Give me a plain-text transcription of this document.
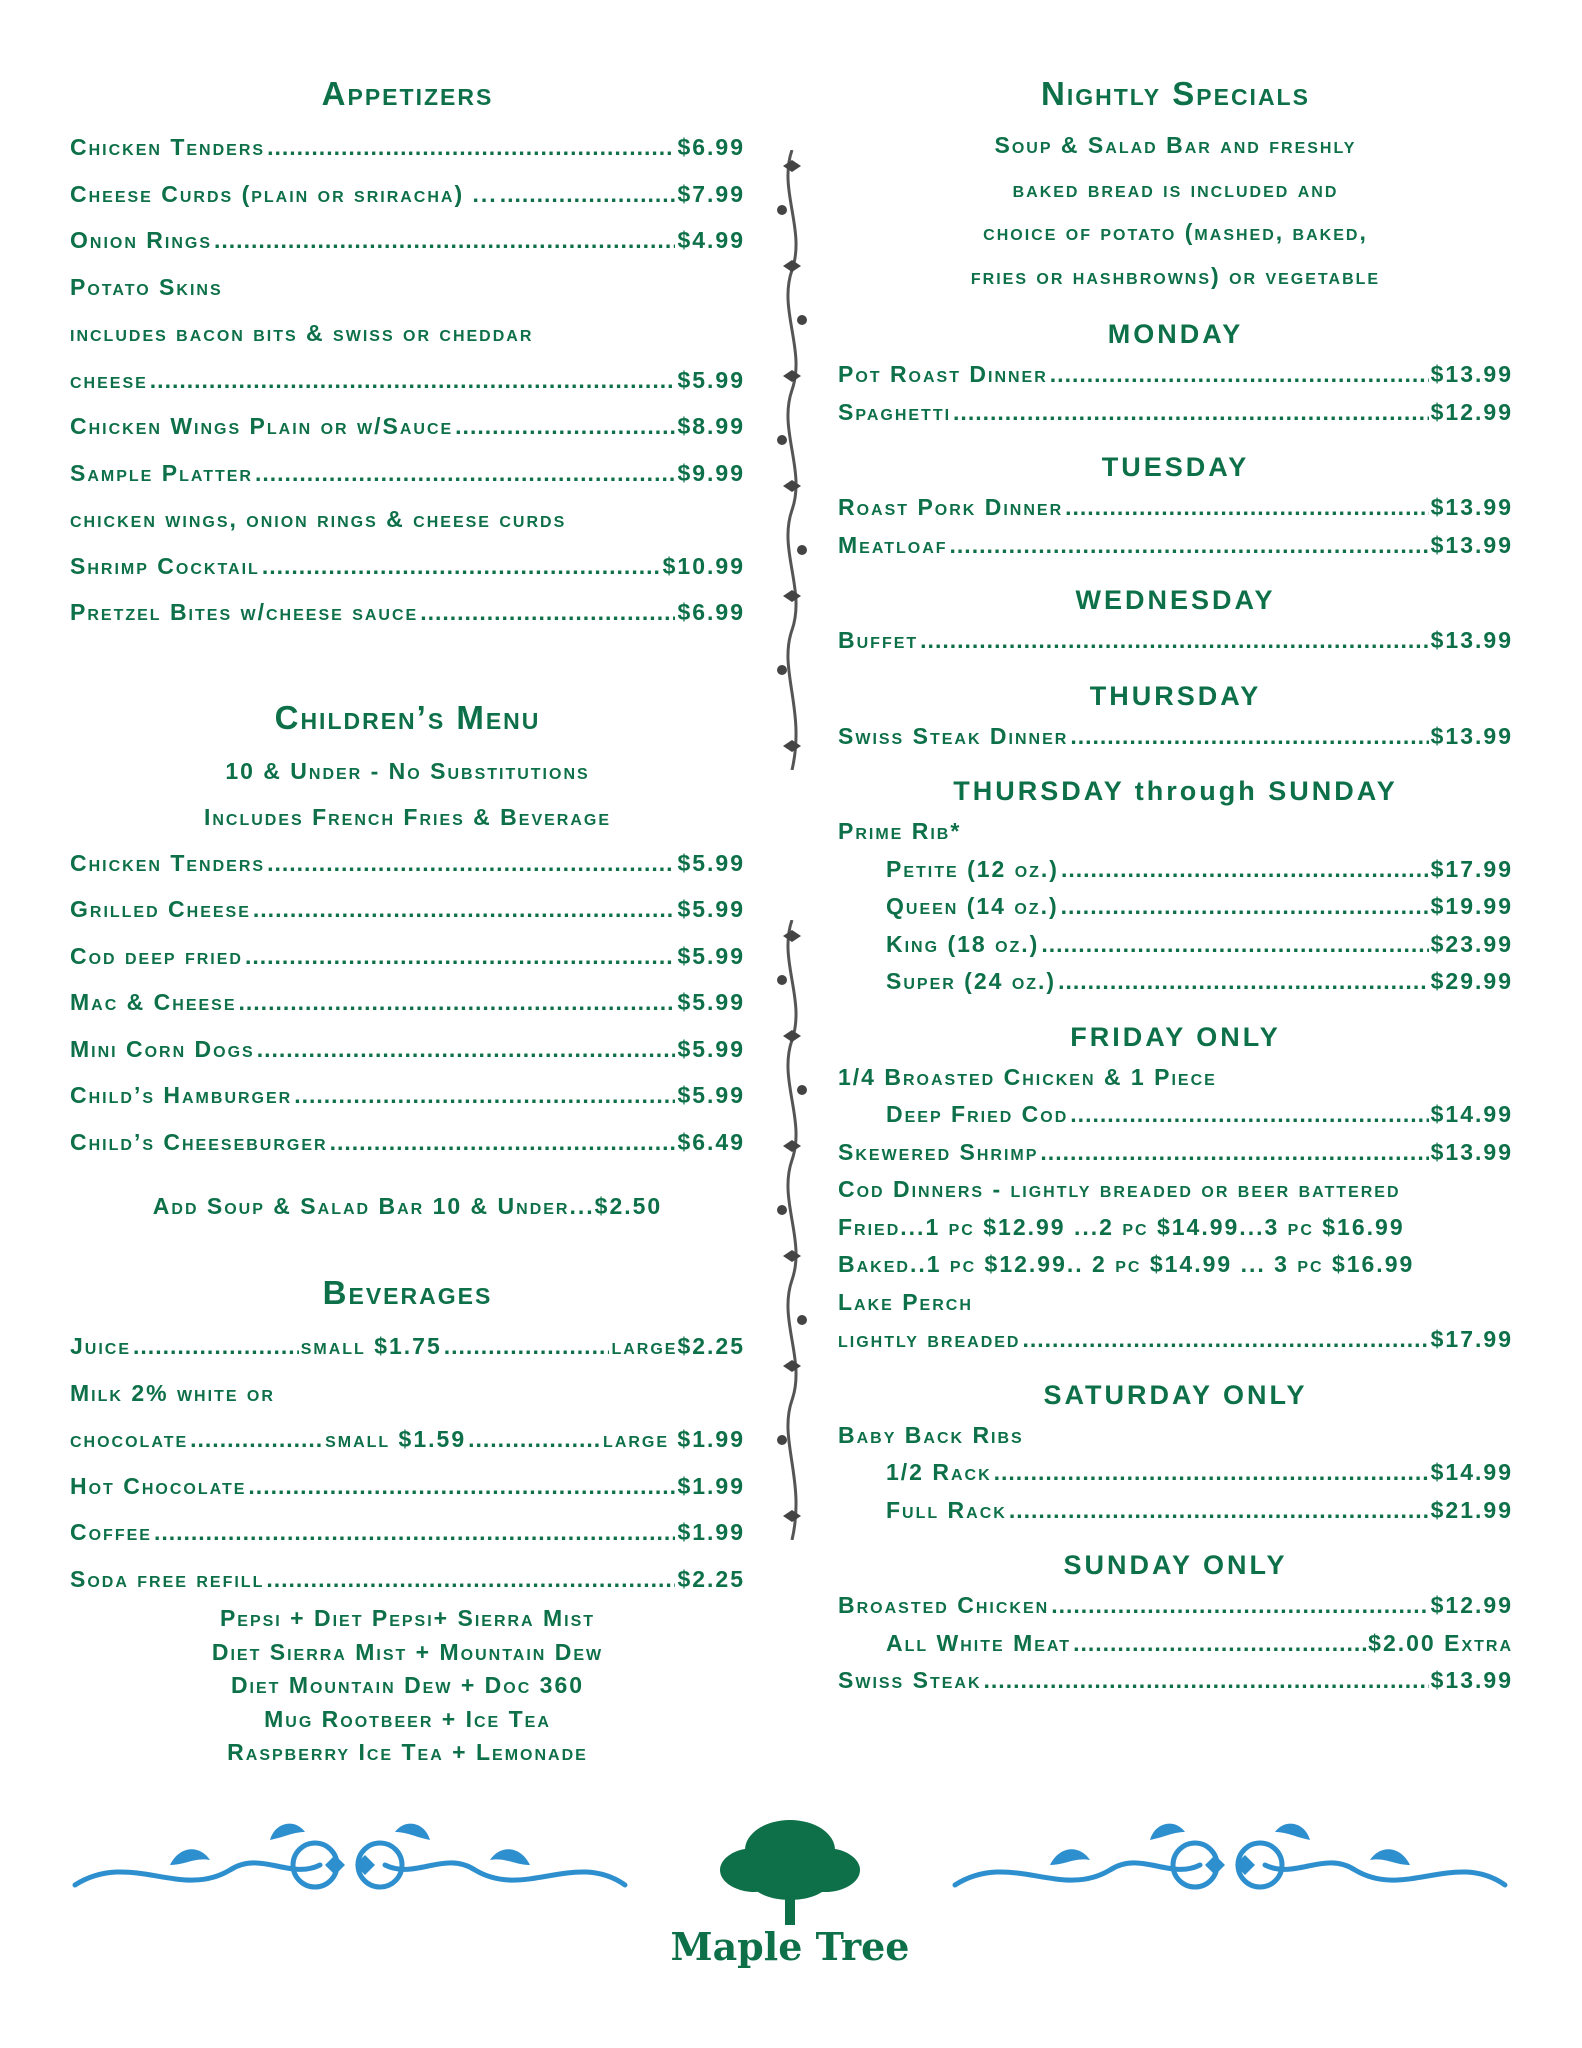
Appetizers
Chicken Tenders .....	$6.99
Cheese Curds (plain or sriracha) ... .....	$7.99
Onion Rings .....	$4.99
Potato Skins
includes bacon bits & swiss or cheddar
cheese .....	$5.99
Chicken Wings Plain or w/Sauce .....	$8.99
Sample Platter .....	$9.99
chicken wings, onion rings & cheese curds
Shrimp Cocktail .....	$10.99
Pretzel Bites w/cheese sauce .....	$6.99
Children’s Menu
10 & Under - No Substitutions
Includes French Fries & Beverage
Chicken Tenders .....	$5.99
Grilled Cheese .....	$5.99
Cod deep fried .....	$5.99
Mac & Cheese .....	$5.99
Mini Corn Dogs .....	$5.99
Child’s Hamburger .....	$5.99
Child’s Cheeseburger .....	$6.49
Add Soup & Salad Bar 10 & Under...$2.50
Beverages
Juice .....	small $1.75 .....	large$2.25
Milk 2% white or
chocolate .....	small $1.59 .....	large $1.99
Hot Chocolate .....	$1.99
Coffee .....	$1.99
Soda free refill .....	$2.25
Pepsi + Diet Pepsi+ Sierra Mist
Diet Sierra Mist + Mountain Dew
Diet Mountain Dew + Doc 360
Mug Rootbeer + Ice Tea
Raspberry Ice Tea + Lemonade
Nightly Specials
Soup & Salad Bar and freshly
baked bread is included and
choice of potato (mashed, baked,
fries or hashbrowns) or vegetable
MONDAY
Pot Roast Dinner .....	$13.99
Spaghetti .....	$12.99
TUESDAY
Roast Pork Dinner .....	$13.99
Meatloaf .....	$13.99
WEDNESDAY
Buffet .....	$13.99
THURSDAY
Swiss Steak Dinner .....	$13.99
THURSDAY through SUNDAY
Prime Rib*
Petite (12 oz.) .....	$17.99
Queen (14 oz.) .....	$19.99
King (18 oz.) .....	$23.99
Super (24 oz.) .....	$29.99
FRIDAY ONLY
1/4 Broasted Chicken & 1 Piece
Deep Fried Cod .....	$14.99
Skewered Shrimp .....	$13.99
Cod Dinners - lightly breaded or beer battered
Fried...1 pc $12.99 ...2 pc $14.99...3 pc $16.99
Baked..1 pc $12.99.. 2 pc $14.99 ... 3 pc $16.99
Lake Perch
lightly breaded .....	$17.99
SATURDAY ONLY
Baby Back Ribs
1/2 Rack .....	$14.99
Full Rack .....	$21.99
SUNDAY ONLY
Broasted Chicken .....	$12.99
All White Meat .....	$2.00 Extra
Swiss Steak .....	$13.99
Maple Tree
